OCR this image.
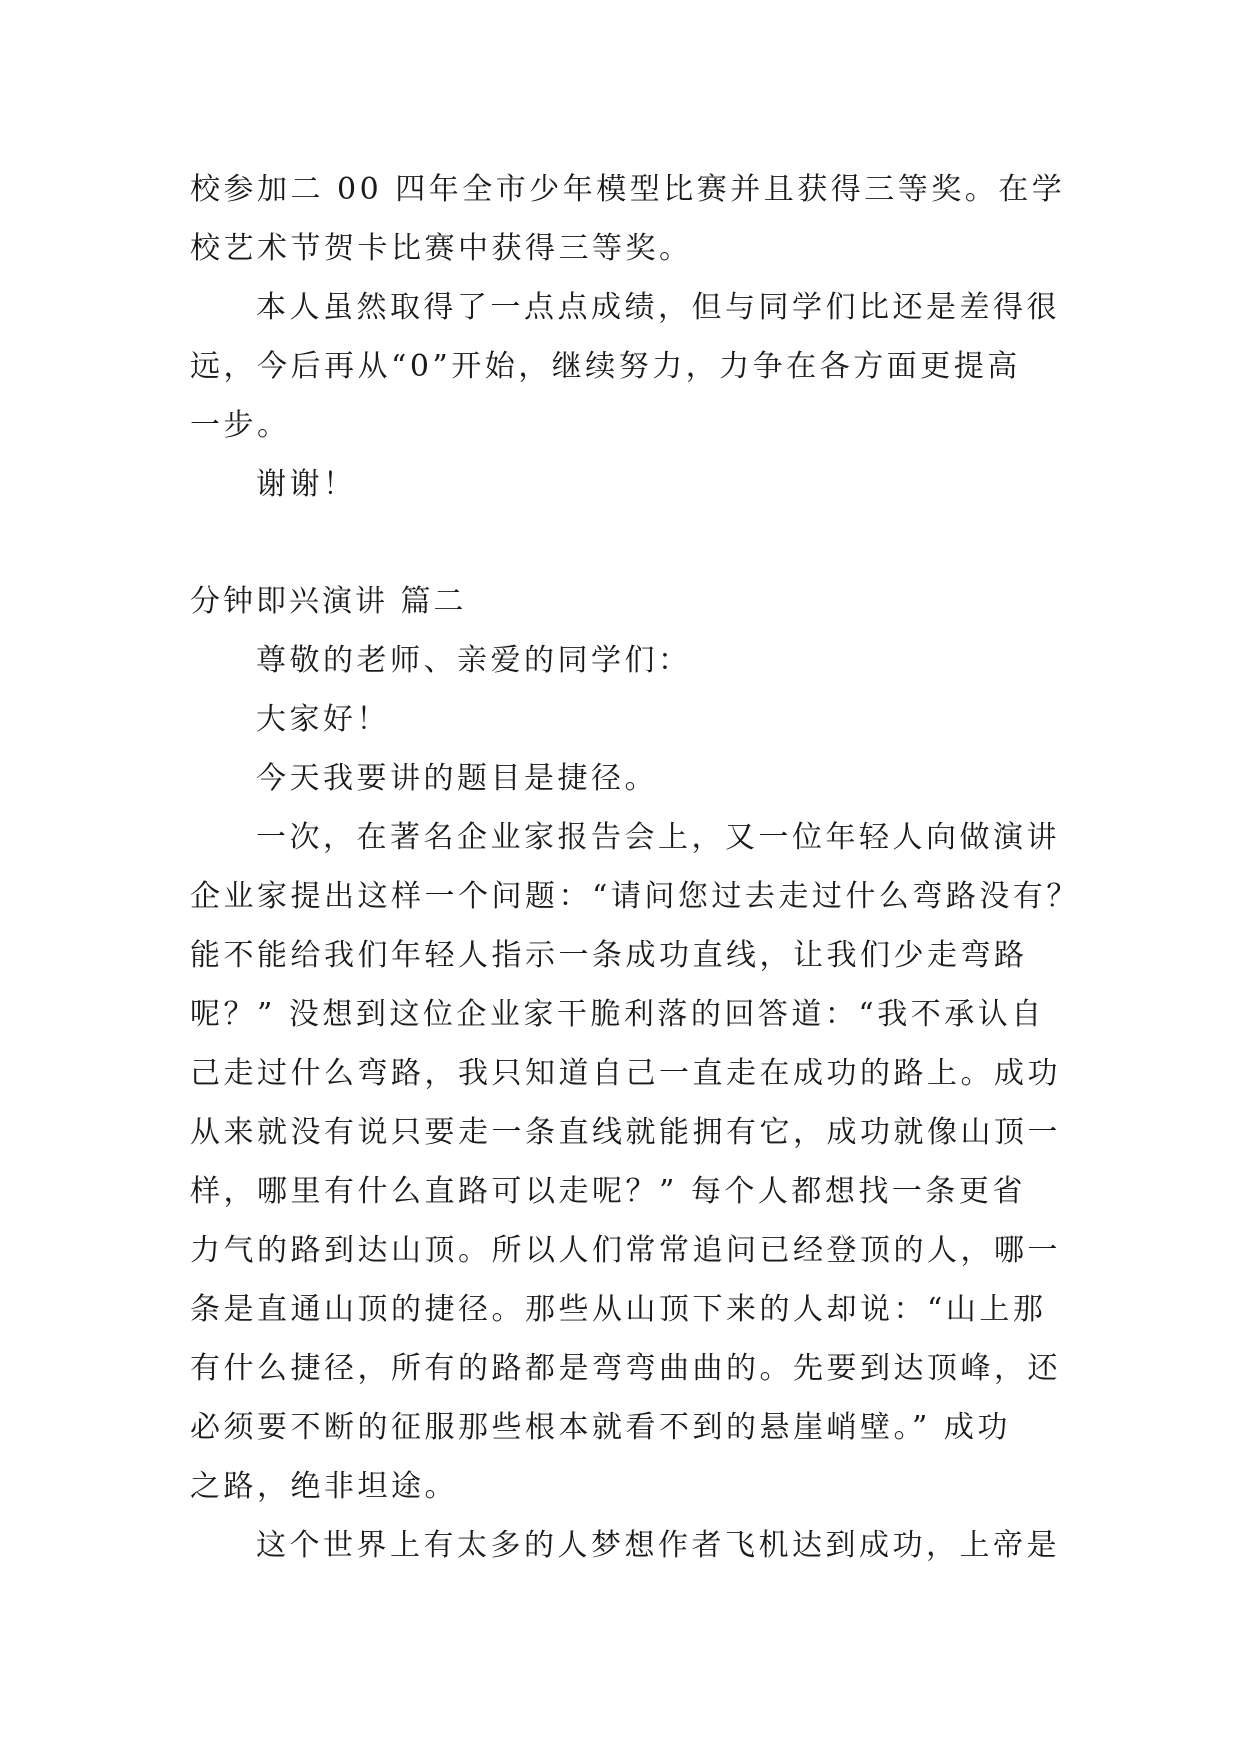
校参加二 00 四年全市少年模型比赛并且获得三等奖。在学
校艺术节贺卡比赛中获得三等奖。
本人虽然取得了一点点成绩，但与同学们比还是差得很
远，今后再从“0”开始，继续努力，力争在各方面更提高
一步。
谢谢！
分钟即兴演讲 篇二
尊敬的老师、亲爱的同学们：
大家好！
今天我要讲的题目是捷径。
一次，在著名企业家报告会上，又一位年轻人向做演讲
企业家提出这样一个问题：“请问您过去走过什么弯路没有？
能不能给我们年轻人指示一条成功直线，让我们少走弯路
呢？” 没想到这位企业家干脆利落的回答道：“我不承认自
己走过什么弯路，我只知道自己一直走在成功的路上。成功
从来就没有说只要走一条直线就能拥有它，成功就像山顶一
样，哪里有什么直路可以走呢？” 每个人都想找一条更省
力气的路到达山顶。所以人们常常追问已经登顶的人，哪一
条是直通山顶的捷径。那些从山顶下来的人却说：“山上那
有什么捷径，所有的路都是弯弯曲曲的。先要到达顶峰，还
必须要不断的征服那些根本就看不到的悬崖峭壁。” 成功
之路，绝非坦途。
这个世界上有太多的人梦想作者飞机达到成功，上帝是
